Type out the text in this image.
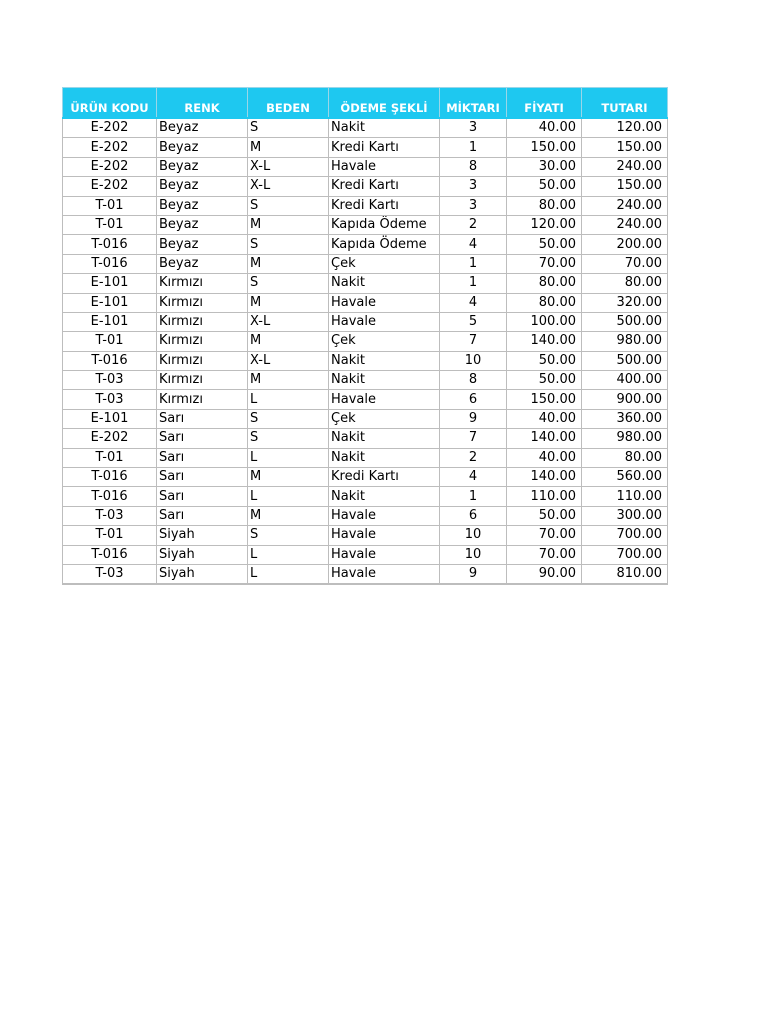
ÜRÜN KODU	RENK	BEDEN	ÖDEME ŞEKLİ	MİKTARI	FİYATI	TUTARI
E-202	Beyaz	S	Nakit	3	40.00	120.00
E-202	Beyaz	M	Kredi Kartı	1	150.00	150.00
E-202	Beyaz	X-L	Havale	8	30.00	240.00
E-202	Beyaz	X-L	Kredi Kartı	3	50.00	150.00
T-01	Beyaz	S	Kredi Kartı	3	80.00	240.00
T-01	Beyaz	M	Kapıda Ödeme	2	120.00	240.00
T-016	Beyaz	S	Kapıda Ödeme	4	50.00	200.00
T-016	Beyaz	M	Çek	1	70.00	70.00
E-101	Kırmızı	S	Nakit	1	80.00	80.00
E-101	Kırmızı	M	Havale	4	80.00	320.00
E-101	Kırmızı	X-L	Havale	5	100.00	500.00
T-01	Kırmızı	M	Çek	7	140.00	980.00
T-016	Kırmızı	X-L	Nakit	10	50.00	500.00
T-03	Kırmızı	M	Nakit	8	50.00	400.00
T-03	Kırmızı	L	Havale	6	150.00	900.00
E-101	Sarı	S	Çek	9	40.00	360.00
E-202	Sarı	S	Nakit	7	140.00	980.00
T-01	Sarı	L	Nakit	2	40.00	80.00
T-016	Sarı	M	Kredi Kartı	4	140.00	560.00
T-016	Sarı	L	Nakit	1	110.00	110.00
T-03	Sarı	M	Havale	6	50.00	300.00
T-01	Siyah	S	Havale	10	70.00	700.00
T-016	Siyah	L	Havale	10	70.00	700.00
T-03	Siyah	L	Havale	9	90.00	810.00
